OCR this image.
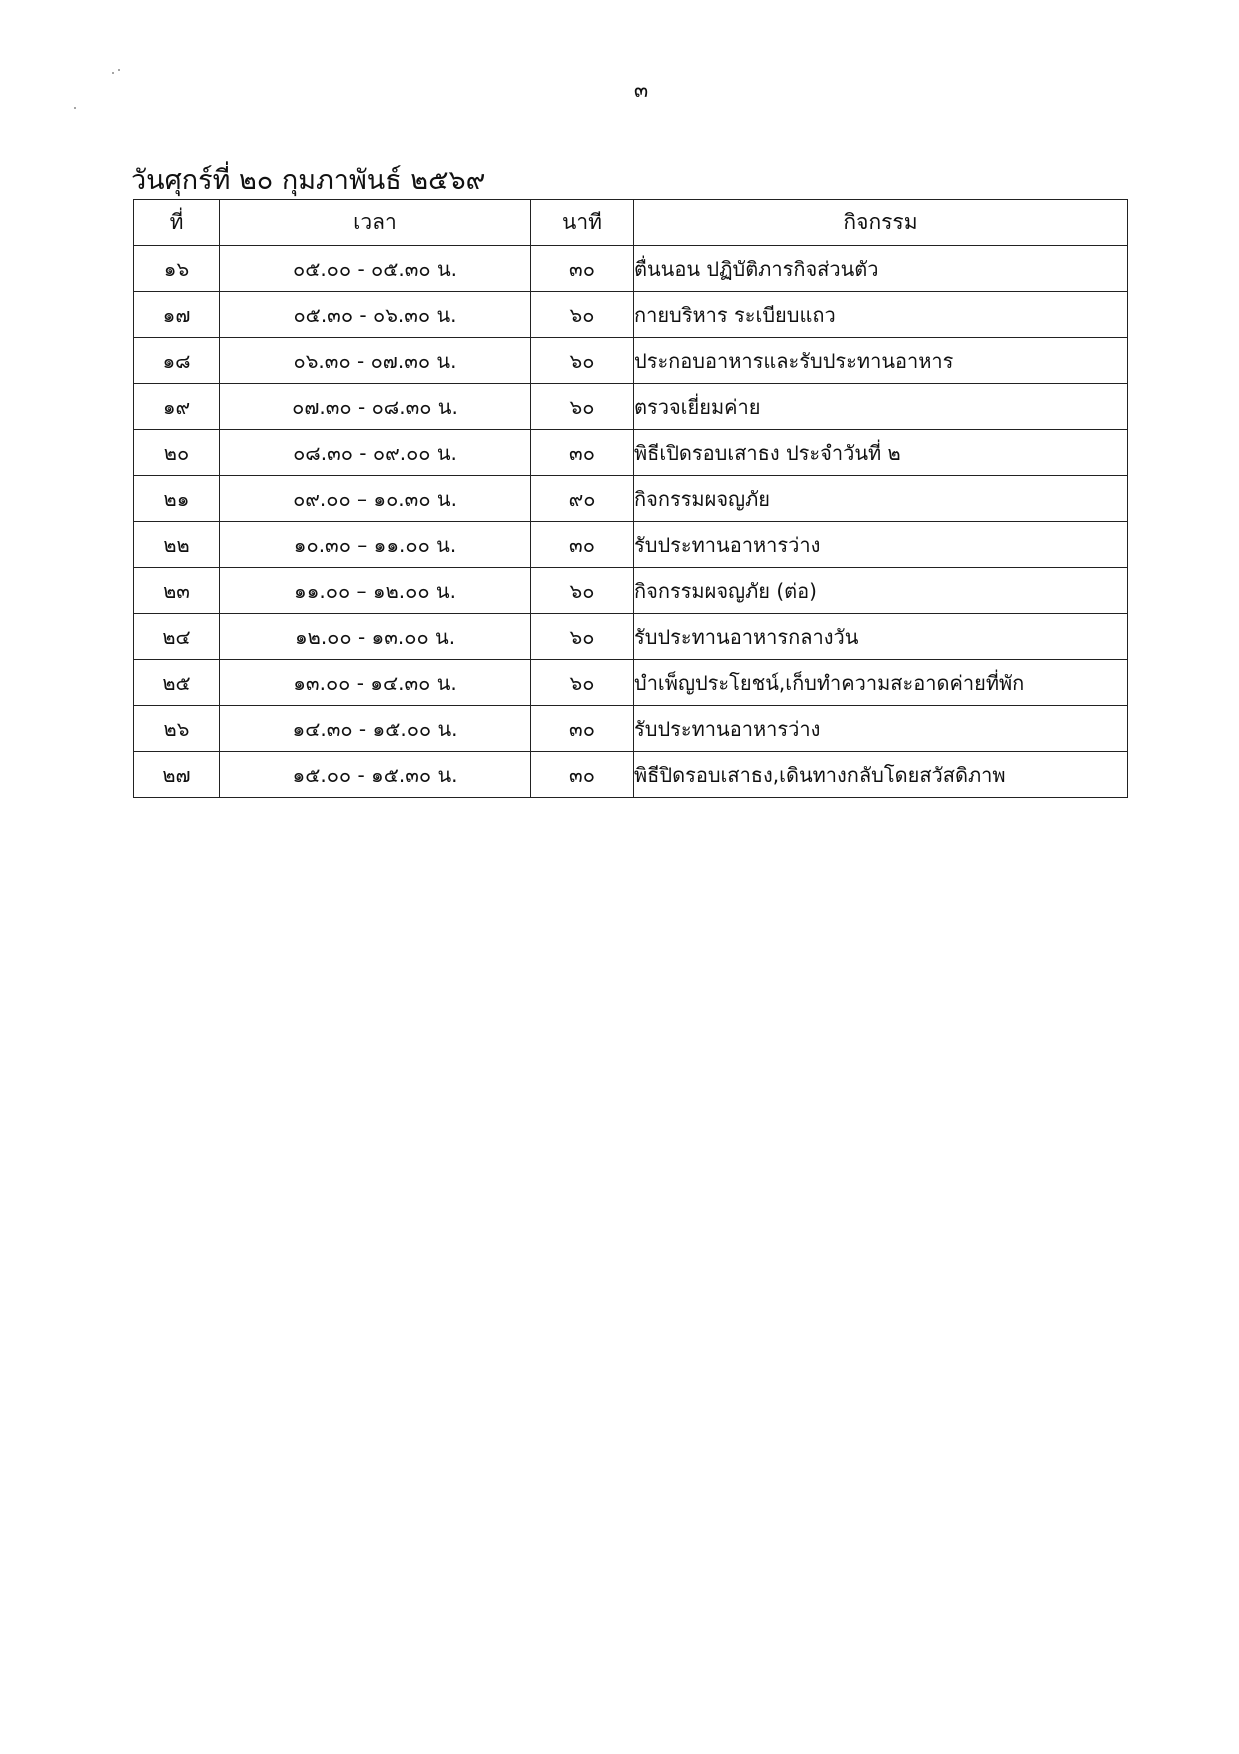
๓
วันศุกร์ที่ ๒๐ กุมภาพันธ์ ๒๕๖๙
ที่	เวลา	นาที	กิจกรรม
๑๖	๐๕.๐๐ - ๐๕.๓๐ น.	๓๐	ตื่นนอน ปฏิบัติภารกิจส่วนตัว
๑๗	๐๕.๓๐ - ๐๖.๓๐ น.	๖๐	กายบริหาร ระเบียบแถว
๑๘	๐๖.๓๐ - ๐๗.๓๐ น.	๖๐	ประกอบอาหารและรับประทานอาหาร
๑๙	๐๗.๓๐ - ๐๘.๓๐ น.	๖๐	ตรวจเยี่ยมค่าย
๒๐	๐๘.๓๐ - ๐๙.๐๐ น.	๓๐	พิธีเปิดรอบเสาธง ประจำวันที่ ๒
๒๑	๐๙.๐๐ – ๑๐.๓๐ น.	๙๐	กิจกรรมผจญภัย
๒๒	๑๐.๓๐ – ๑๑.๐๐ น.	๓๐	รับประทานอาหารว่าง
๒๓	๑๑.๐๐ – ๑๒.๐๐ น.	๖๐	กิจกรรมผจญภัย (ต่อ)
๒๔	๑๒.๐๐ - ๑๓.๐๐ น.	๖๐	รับประทานอาหารกลางวัน
๒๕	๑๓.๐๐ - ๑๔.๓๐ น.	๖๐	บำเพ็ญประโยชน์,เก็บทำความสะอาดค่ายที่พัก
๒๖	๑๔.๓๐ - ๑๕.๐๐ น.	๓๐	รับประทานอาหารว่าง
๒๗	๑๕.๐๐ - ๑๕.๓๐ น.	๓๐	พิธีปิดรอบเสาธง,เดินทางกลับโดยสวัสดิภาพ
